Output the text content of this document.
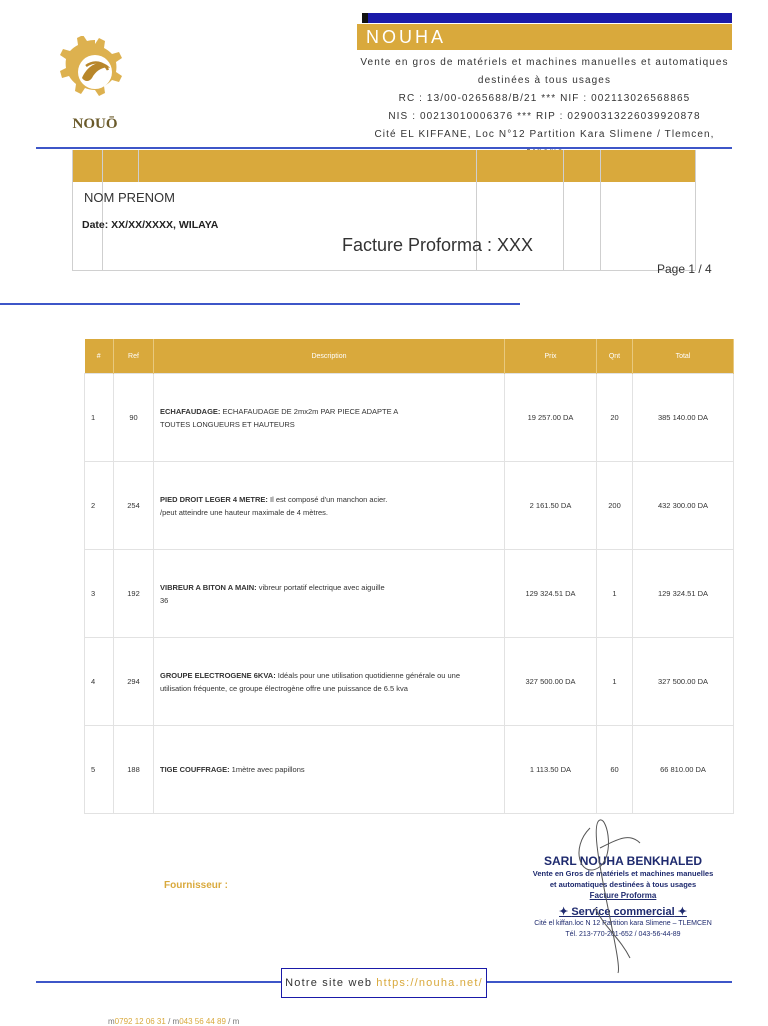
NOUŌ
NOUHA
Vente en gros de matériels et machines manuelles et automatiques
destinées à tous usages
RC : 13/00-0265688/B/21 *** NIF : 002113026568865
NIS : 00213010006376 *** RIP : 02900313226039920878
Cité EL KIFFANE, Loc N°12 Partition Kara Slimene / Tlemcen,
NOM PRENOM
Date: XX/XX/XXXX, WILAYA
Facture Proforma : XXX
Page 1 / 4
#	Ref	Description	Prix	Qnt	Total
1	90	ECHAFAUDAGE: ECHAFAUDAGE DE 2mx2m PAR PIECE ADAPTE A
TOUTES LONGUEURS ET HAUTEURS	19 257.00 DA	20	385 140.00 DA
2	254	PIED DROIT LEGER 4 METRE: Il est composé d'un manchon acier.
/peut atteindre une hauteur maximale de 4 mètres.	2 161.50 DA	200	432 300.00 DA
3	192	VIBREUR A BITON A MAIN: vibreur portatif electrique avec aiguille
36	129 324.51 DA	1	129 324.51 DA
4	294	GROUPE ELECTROGENE 6KVA: Idéals pour une utilisation quotidienne générale ou une
utilisation fréquente, ce groupe électrogène offre une puissance de 6.5 kva	327 500.00 DA	1	327 500.00 DA
5	188	TIGE COUFFRAGE: 1mètre avec papillons	1 113.50 DA	60	66 810.00 DA
Fournisseur :
SARL NOUHA BENKHALED
Vente en Gros de matériels et machines manuelles
et automatiques destinées à tous usages
Facture Proforma
✦ Service commercial ✦
Cité el kiffan.loc N 12 Partition kara Slimene – TLEMCEN
Tél. 213-770-201-652 / 043-56-44-89
Notre site web https://nouha.net/
m0792 12 06 31 / m043 56 44 89 / m
